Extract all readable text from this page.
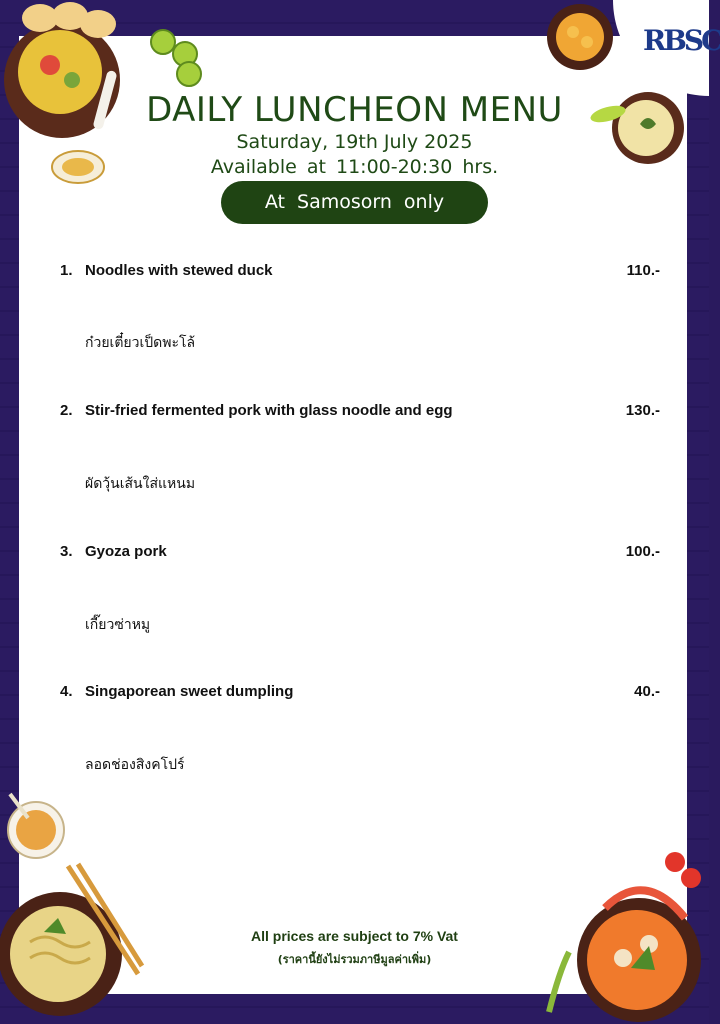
RBSC
DAILY LUNCHEON MENU
Saturday, 19th July 2025
Available at 11:00-20:30 hrs.
At Samosorn only
1. Noodles with stewed duck	110.-
ก๋วยเตี๋ยวเป็ดพะโล้
2. Stir-fried fermented pork with glass noodle and egg	130.-
ผัดวุ้นเส้นใส่แหนม
3. Gyoza pork	100.-
เกี๊ยวซ่าหมู
4. Singaporean sweet dumpling	40.-
ลอดช่องสิงคโปร์
All prices are subject to 7% Vat
(ราคานี้ยังไม่รวมภาษีมูลค่าเพิ่ม)
